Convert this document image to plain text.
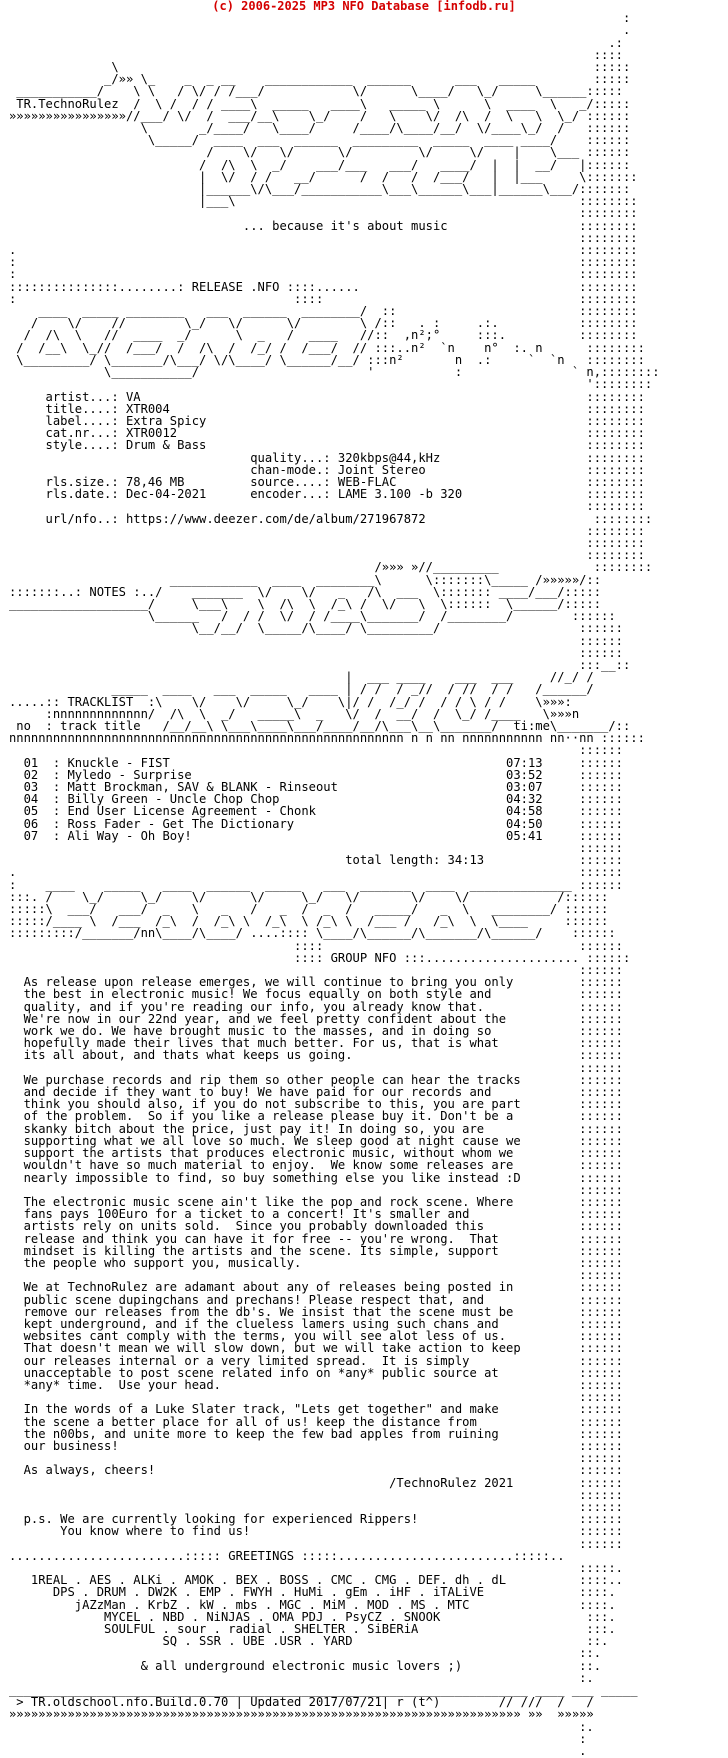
(c) 2006-2025 MP3 NFO Database [infodb.ru]

:
.
.:
::::
\                                                                 :::::
_/»» \_    _  _ __    ____________  ______      ___   _____        :::::
___________/    \ \   / \/ / /___/            \/      \____/   \_/     \______:::::
TR.TechnoRulez  /  \ /  / / ____\  _____   ____\   _____ \      \  ____  \   _/:::::
»»»»»»»»»»»»»»»»//___/ \/  /  ___/__\    \_/    /   \    \/  /\  /  \   \  \_/ ::::::
\       _/____/   \____/     /____/\____/__/  \/____\_/  /   ::::::
\_____/  ____  ___  ______  _________  _____  ____ ____/    ::::::
/    \/   \/      \/         \/     \/    |    \___ ::::::
/  /\  \  _/    ___/___   ___/   ____/  |  |  __/   |::::::
|  \/  / /   __/      /  /   /  /___/   |  |___     \:::::::
|______\/\___/___________\___\______\___|______\___/:::::::
|___\                                               ::::::::
::::::::
... because it's about music                  ::::::::
::::::::
.                                                                             ::::::::
:                                                                             ::::::::
:                                                                             ::::::::
:::::::::::::::........: RELEASE .NFO ::::......                              ::::::::
:                                      ::::                                   ::::::::
____  _____ ________   ___  ______  ________/  ::                         ::::::::
/    \/    //        \_/   \/      \/        \ /::   . :     .:.           ::::::::
/  /\  \   //  ____  _/      \  _   /  ____   //::  ,n²;°     :::.          ::::::::
/  /__\  \_//  /___/  /  /\  /  /_/ /  /___/  // :::..n²  `n    n°  :. n      ::::::::
\_________/ \_______/\___/ \/\____/ \______/__/ :::n²       n  .:     `  `n   ::::::::
\___________/                       '           :               ` n,::::::::
'::::::::
artist...: VA                                                             ::::::::
title....: XTR004                                                         ::::::::
label....: Extra Spicy                                                    ::::::::
cat.nr...: XTR0012                                                        ::::::::
style....: Drum & Bass                                                    ::::::::
quality...: 320kbps@44,kHz                    ::::::::
chan-mode.: Joint Stereo                      ::::::::
rls.size.: 78,46 MB         source....: WEB-FLAC                          ::::::::
rls.date.: Dec-04-2021      encoder...: LAME 3.100 -b 320                 ::::::::
::::::::
url/nfo..: https://www.deezer.com/de/album/271967872                       ::::::::
::::::::
::::::::
::::::::
/»»» »//_________             ::::::::
____________  ____  ________\      \:::::::\_____ /»»»»»/::
:::::::..: NOTES :../    _______  \/    \/   _   /\  ___  \::::::: ____/___/:::::
___________________/     \___\    \  /\  \  /_\ /  \/   \  \::::::  \______/:::::
\______   /  / /  \/  / /____\_______/  /________/        ::::::
\__/__/  \_____/\____/ \_________/                   ::::::
::::::
::::::
:::__::
|  ___ ____    ___  ___     //_/ /
_____  ____   ___  _____   ____ | / /  / _//  / //  / /   /______/
.....:: TRACKLIST  :\    \/    \/     \_/    \|/ /  /_/ /  / / \ / /    \»»»:
:nnnnnnnnnnnnn/  /\  \  _/   _____\  _   \/  /  __/  /  \_/ /____   \»»»n
no  : track title   /__/__\ \___\____\___/____/__/\___\__\_______/  ti:me\_______/::
nnnnnnnnnnnnnnnnnnnnnnnnnnnnnnnnnnnnnnnnnnnnnnnnnnnnnn n n nn nnnnnnnnnnn nn··nn ::::::
::::::
01  : Knuckle - FIST                                              07:13     ::::::
02  : Myledo - Surprise                                           03:52     ::::::
03  : Matt Brockman, SAV & BLANK - Rinseout                       03:07     ::::::
04  : Billy Green - Uncle Chop Chop                               04:32     ::::::
05  : End User License Agreement - Chonk                          04:58     ::::::
06  : Ross Fader - Get The Dictionary                             04:50     ::::::
07  : Ali Way - Oh Boy!                                           05:41     ::::::
::::::
total length: 34:13             ::::::
.                                                                             ::::::
:    ____    _____   ____  ______  _____   ___  _______  ____  ______________ ::::::
:::. /    \_/     \_/    \/      \/     \_/   \/       \/    \/            /::::::
:::::\  ___/   ___/  _   \   _   /   _  /  _  /   _____/   _  \   ________/ ::::::
:::::/____ \  /___  /_\  /  /_\ \  /_\  \ /_\ \  /___ /   /_\  \  \____     ::::::
:::::::::/_______/nn\____/\____/ ....:::: \____/\______/\_______/\______/    ::::::
::::                                   ::::::
:::: GROUP NFO :::..................... ::::::
::::::
As release upon release emerges, we will continue to bring you only         ::::::
the best in electronic music! We focus equally on both style and            ::::::
quality, and if you're reading our info, you already know that.             ::::::
We're now in our 22nd year, and we feel pretty confident about the          ::::::
work we do. We have brought music to the masses, and in doing so            ::::::
hopefully made their lives that much better. For us, that is what           ::::::
its all about, and thats what keeps us going.                               ::::::
::::::
We purchase records and rip them so other people can hear the tracks        ::::::
and decide if they want to buy! We have paid for our records and            ::::::
think you should also, if you do not subscribe to this, you are part        ::::::
of the problem.  So if you like a release please buy it. Don't be a         ::::::
skanky bitch about the price, just pay it! In doing so, you are             ::::::
supporting what we all love so much. We sleep good at night cause we        ::::::
support the artists that produces electronic music, without whom we         ::::::
wouldn't have so much material to enjoy.  We know some releases are         ::::::
nearly impossible to find, so buy something else you like instead :D        ::::::
::::::
The electronic music scene ain't like the pop and rock scene. Where         ::::::
fans pays 100Euro for a ticket to a concert! It's smaller and               ::::::
artists rely on units sold.  Since you probably downloaded this             ::::::
release and think you can have it for free -- you're wrong.  That           ::::::
mindset is killing the artists and the scene. Its simple, support           ::::::
the people who support you, musically.                                      ::::::
::::::
We at TechnoRulez are adamant about any of releases being posted in         ::::::
public scene dupingchans and prechans! Please respect that, and             ::::::
remove our releases from the db's. We insist that the scene must be         ::::::
kept underground, and if the clueless lamers using such chans and           ::::::
websites cant comply with the terms, you will see alot less of us.          ::::::
That doesn't mean we will slow down, but we will take action to keep        ::::::
our releases internal or a very limited spread.  It is simply               ::::::
unacceptable to post scene related info on *any* public source at           ::::::
*any* time.  Use your head.                                                 ::::::
::::::
In the words of a Luke Slater track, "Lets get together" and make           ::::::
the scene a better place for all of us! keep the distance from              ::::::
the n00bs, and unite more to keep the few bad apples from ruining           ::::::
our business!                                                               ::::::
::::::
As always, cheers!                                                          ::::::
/TechnoRulez 2021         ::::::
::::::
::::::
p.s. We are currently looking for experienced Rippers!                      ::::::
You know where to find us!                                             ::::::
::::::
........................::::: GREETINGS :::::........................:::::..
:::::.
1REAL . AES . ALKi . AMOK . BEX . BOSS . CMC . CMG . DEF. dh . dL          ::::..
DPS . DRUM . DW2K . EMP . FWYH . HuMi . gEm . iHF . iTALiVE             ::::.
jAZzMan . KrbZ . kW . mbs . MGC . MiM . MOD . MS . MTC               ::::.
MYCEL . NBD . NiNJAS . OMA PDJ . PsyCZ . SNOOK                    :::.
SOULFUL . sour . radial . SHELTER . SiBERiA                       :::.
SQ . SSR . UBE .USR . YARD                                ::.
::.
& all underground electronic music lovers ;)                ::.
:.
_______________________________________________________________________ ____ ___ _____
> TR.oldschool.nfo.Build.0.70 | Updated 2017/07/21| r (t^)        // ///  /   /
»»»»»»»»»»»»»»»»»»»»»»»»»»»»»»»»»»»»»»»»»»»»»»»»»»»»»»»»»»»»»»»»»»»»»» »»  »»»»»
:.
:
.
